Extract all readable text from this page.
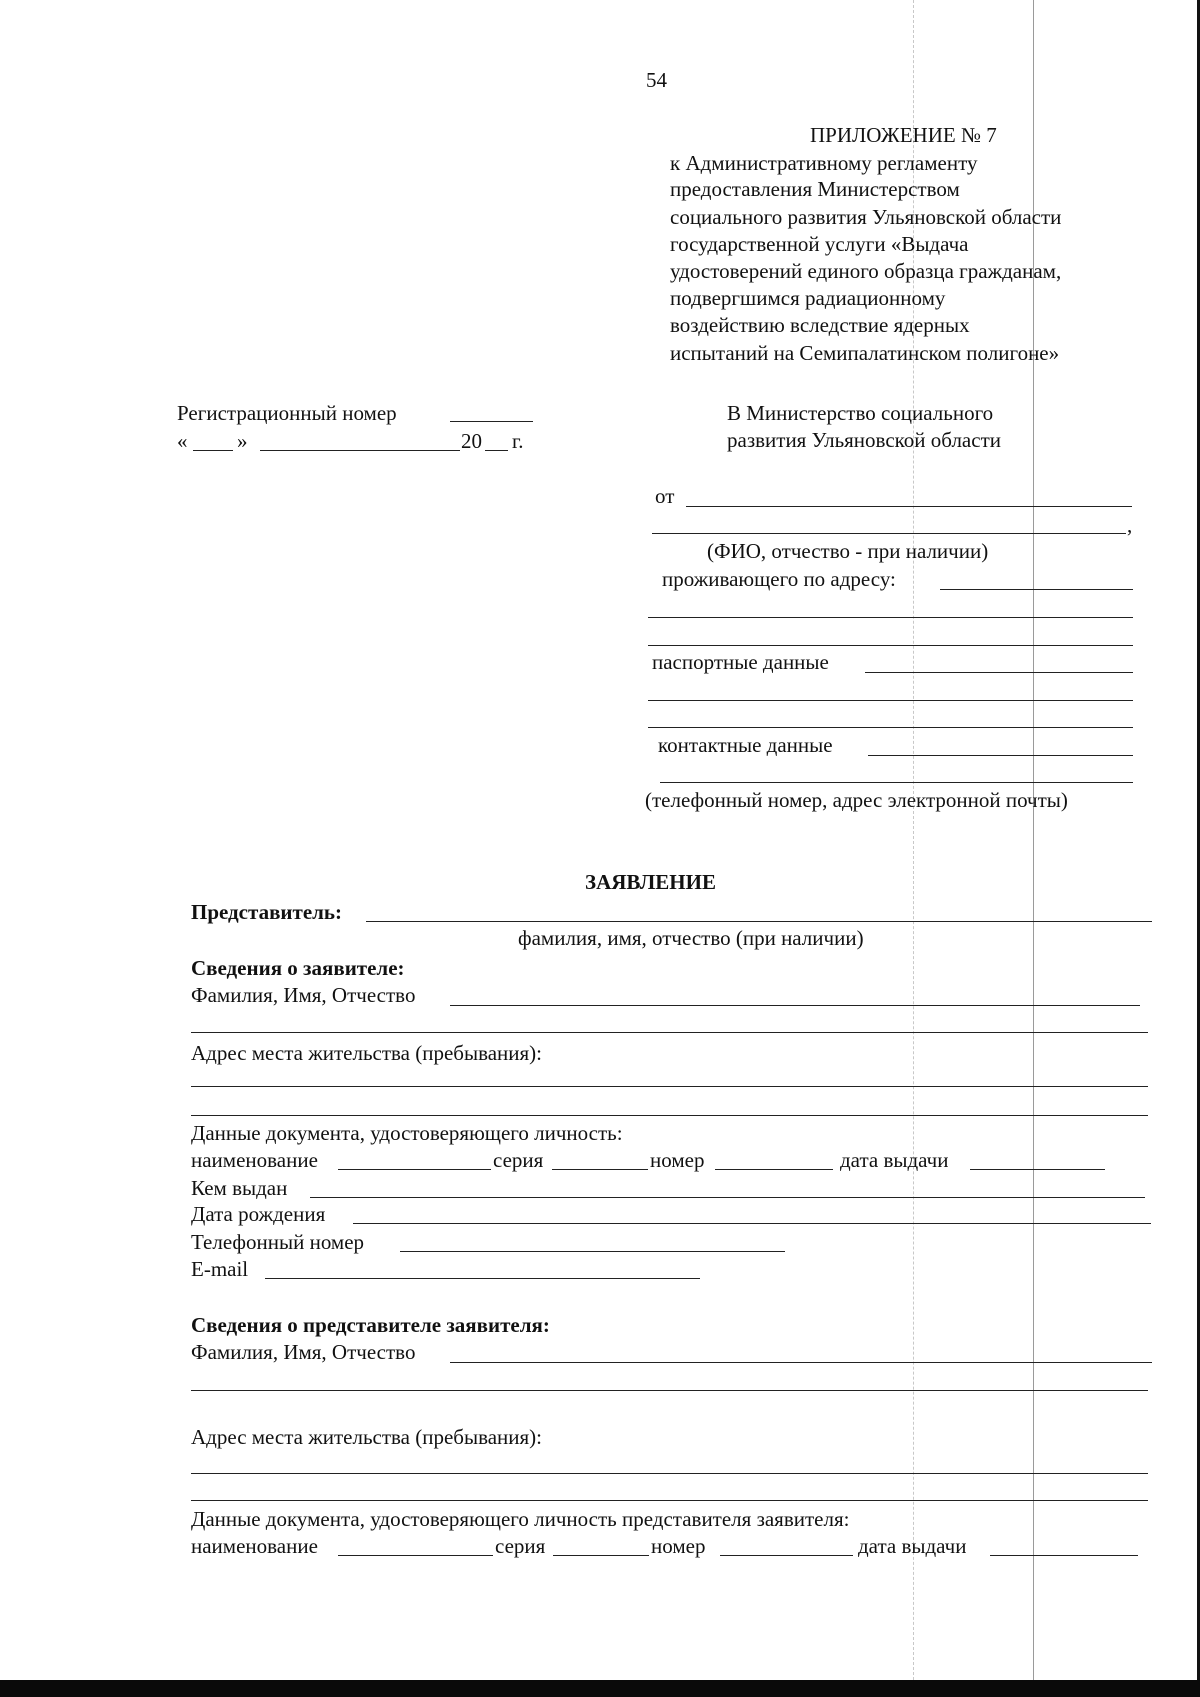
54
ПРИЛОЖЕНИЕ № 7
к Административному регламенту
предоставления Министерством
социального развития Ульяновской области
государственной услуги «Выдача
удостоверений единого образца гражданам,
подвергшимся радиационному
воздействию вследствие ядерных
испытаний на Семипалатинском полигоне»
Регистрационный номер
« »	20 г.
В Министерство социального
развития Ульяновской области
от
,
(ФИО, отчество - при наличии)
проживающего по адресу:
паспортные данные
контактные данные
(телефонный номер, адрес электронной почты)
ЗАЯВЛЕНИЕ
Представитель:
фамилия, имя, отчество (при наличии)
Сведения о заявителе:
Фамилия, Имя, Отчество
Адрес места жительства (пребывания):
Данные документа, удостоверяющего личность:
наименование	серия	номер	дата выдачи
Кем выдан
Дата рождения
Телефонный номер
E-mail
Сведения о представителе заявителя:
Фамилия, Имя, Отчество
Адрес места жительства (пребывания):
Данные документа, удостоверяющего личность представителя заявителя:
наименование	серия	номер	дата выдачи
